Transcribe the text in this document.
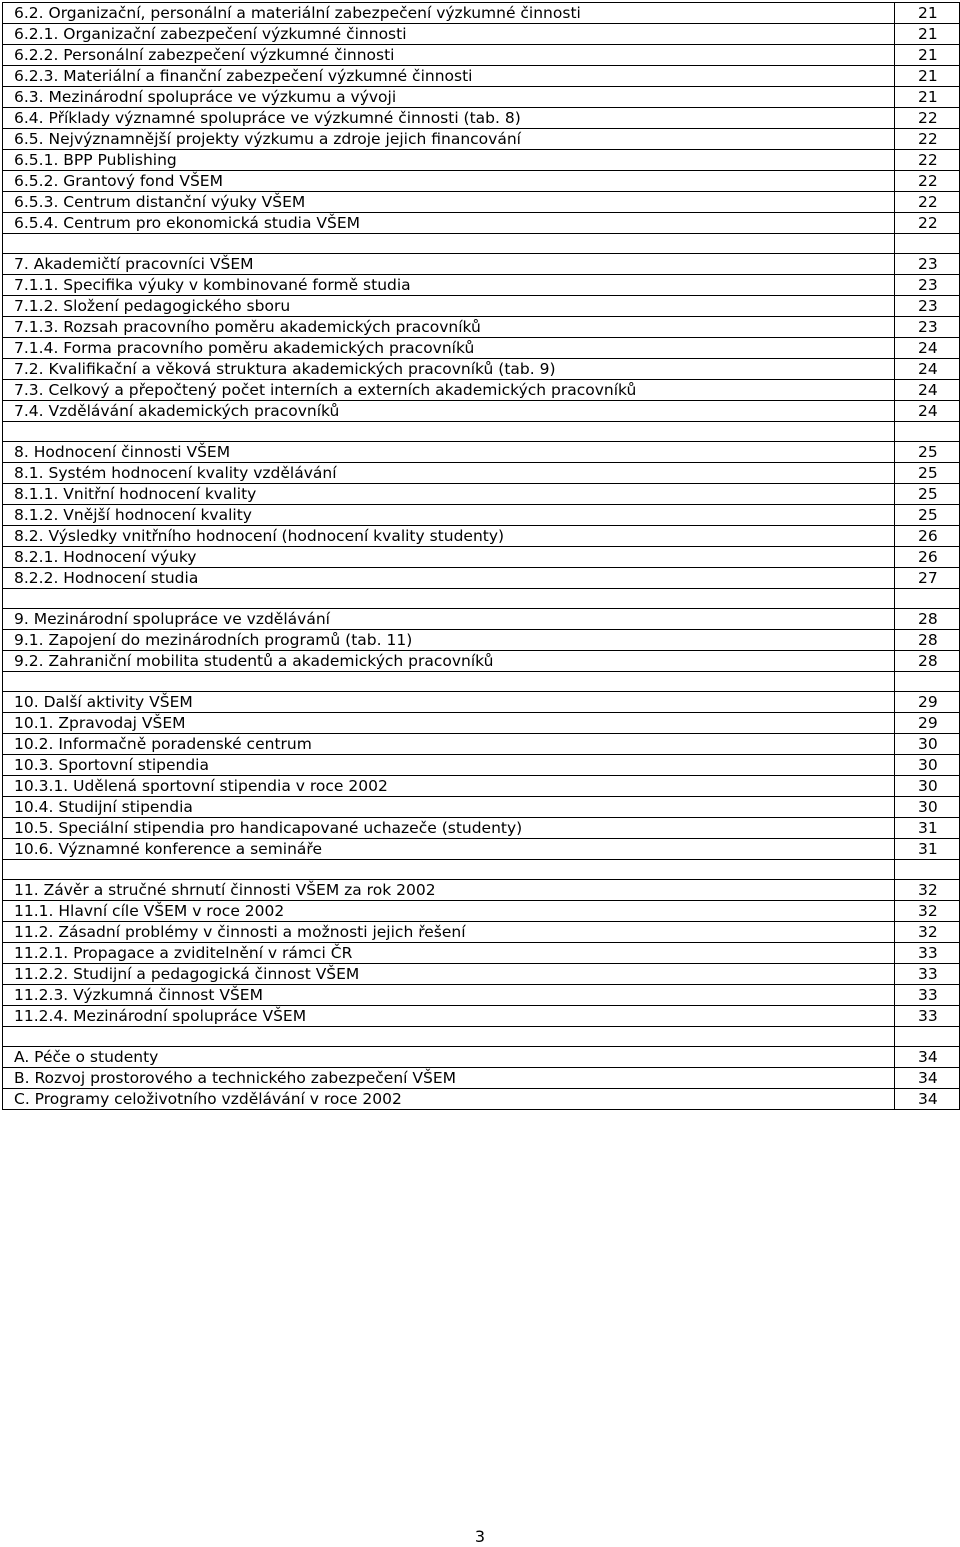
6.2. Organizační, personální a materiální zabezpečení výzkumné činnosti	21
6.2.1. Organizační zabezpečení výzkumné činnosti	21
6.2.2. Personální zabezpečení výzkumné činnosti	21
6.2.3. Materiální a finanční zabezpečení výzkumné činnosti	21
6.3. Mezinárodní spolupráce ve výzkumu a vývoji	21
6.4. Příklady významné spolupráce ve výzkumné činnosti (tab. 8)	22
6.5. Nejvýznamnější projekty výzkumu a zdroje jejich financování	22
6.5.1. BPP Publishing	22
6.5.2. Grantový fond VŠEM	22
6.5.3. Centrum distanční výuky VŠEM	22
6.5.4. Centrum pro ekonomická studia VŠEM	22

7. Akademičtí pracovníci VŠEM	23
7.1.1. Specifika výuky v kombinované formě studia	23
7.1.2. Složení pedagogického sboru	23
7.1.3. Rozsah pracovního poměru akademických pracovníků	23
7.1.4. Forma pracovního poměru akademických pracovníků	24
7.2. Kvalifikační a věková struktura akademických pracovníků (tab. 9)	24
7.3. Celkový a přepočtený počet interních a externích akademických pracovníků	24
7.4. Vzdělávání akademických pracovníků	24

8. Hodnocení činnosti VŠEM	25
8.1. Systém hodnocení kvality vzdělávání	25
8.1.1. Vnitřní hodnocení kvality	25
8.1.2. Vnější hodnocení kvality	25
8.2. Výsledky vnitřního hodnocení (hodnocení kvality studenty)	26
8.2.1. Hodnocení výuky	26
8.2.2. Hodnocení studia	27

9. Mezinárodní spolupráce ve vzdělávání	28
9.1. Zapojení do mezinárodních programů (tab. 11)	28
9.2. Zahraniční mobilita studentů a akademických pracovníků	28

10. Další aktivity VŠEM	29
10.1. Zpravodaj VŠEM	29
10.2. Informačně poradenské centrum	30
10.3. Sportovní stipendia	30
10.3.1. Udělená sportovní stipendia v roce 2002	30
10.4. Studijní stipendia	30
10.5. Speciální stipendia pro handicapované uchazeče (studenty)	31
10.6. Významné konference a semináře	31

11. Závěr a stručné shrnutí činnosti VŠEM za rok 2002	32
11.1. Hlavní cíle VŠEM v roce 2002	32
11.2. Zásadní problémy v činnosti a možnosti jejich řešení	32
11.2.1. Propagace a zviditelnění v rámci ČR	33
11.2.2. Studijní a pedagogická činnost VŠEM	33
11.2.3. Výzkumná činnost VŠEM	33
11.2.4. Mezinárodní spolupráce VŠEM	33

A. Péče o studenty	34
B. Rozvoj prostorového a technického zabezpečení VŠEM	34
C. Programy celoživotního vzdělávání v roce 2002	34
3
